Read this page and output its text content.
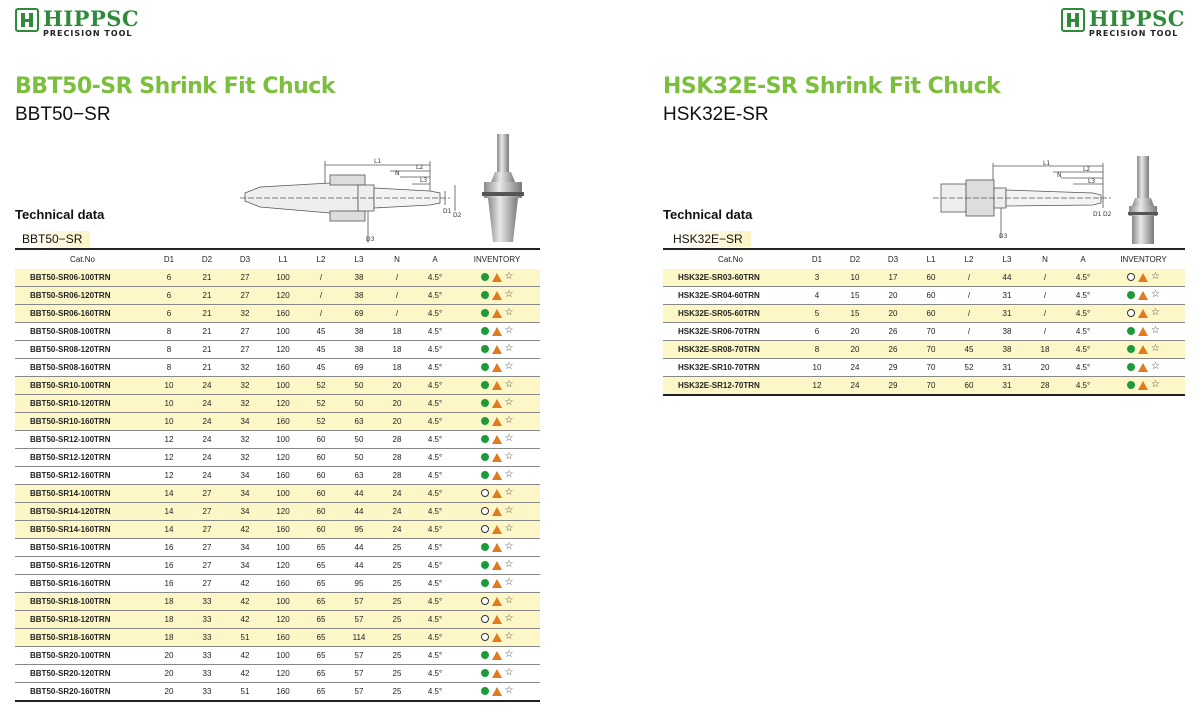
HIPPSC
PRECISION TOOL
BBT50-SR Shrink Fit Chuck
BBT50−SR
L1
L2
N
L3
D1
D2
D3
Technical data
BBT50−SR
Cat.No	D1	D2	D3	L1	L2	L3	N	A	INVENTORY
BBT50-SR06-100TRN	6	21	27	100	/	38	/	4.5°	☆

BBT50-SR06-120TRN	6	21	27	120	/	38	/	4.5°	☆

BBT50-SR06-160TRN	6	21	32	160	/	69	/	4.5°	☆

BBT50-SR08-100TRN	8	21	27	100	45	38	18	4.5°	☆

BBT50-SR08-120TRN	8	21	27	120	45	38	18	4.5°	☆

BBT50-SR08-160TRN	8	21	32	160	45	69	18	4.5°	☆

BBT50-SR10-100TRN	10	24	32	100	52	50	20	4.5°	☆

BBT50-SR10-120TRN	10	24	32	120	52	50	20	4.5°	☆

BBT50-SR10-160TRN	10	24	34	160	52	63	20	4.5°	☆

BBT50-SR12-100TRN	12	24	32	100	60	50	28	4.5°	☆

BBT50-SR12-120TRN	12	24	32	120	60	50	28	4.5°	☆

BBT50-SR12-160TRN	12	24	34	160	60	63	28	4.5°	☆

BBT50-SR14-100TRN	14	27	34	100	60	44	24	4.5°	☆

BBT50-SR14-120TRN	14	27	34	120	60	44	24	4.5°	☆

BBT50-SR14-160TRN	14	27	42	160	60	95	24	4.5°	☆

BBT50-SR16-100TRN	16	27	34	100	65	44	25	4.5°	☆

BBT50-SR16-120TRN	16	27	34	120	65	44	25	4.5°	☆

BBT50-SR16-160TRN	16	27	42	160	65	95	25	4.5°	☆

BBT50-SR18-100TRN	18	33	42	100	65	57	25	4.5°	☆

BBT50-SR18-120TRN	18	33	42	120	65	57	25	4.5°	☆

BBT50-SR18-160TRN	18	33	51	160	65	114	25	4.5°	☆

BBT50-SR20-100TRN	20	33	42	100	65	57	25	4.5°	☆

BBT50-SR20-120TRN	20	33	42	120	65	57	25	4.5°	☆

BBT50-SR20-160TRN	20	33	51	160	65	57	25	4.5°	☆
HIPPSC
PRECISION TOOL
HSK32E-SR Shrink Fit Chuck
HSK32E-SR
L1
L2
N
L3
D1 D2
D3
Technical data
HSK32E−SR
Cat.No	D1	D2	D3	L1	L2	L3	N	A	INVENTORY
HSK32E-SR03-60TRN	3	10	17	60	/	44	/	4.5°	☆

HSK32E-SR04-60TRN	4	15	20	60	/	31	/	4.5°	☆

HSK32E-SR05-60TRN	5	15	20	60	/	31	/	4.5°	☆

HSK32E-SR06-70TRN	6	20	26	70	/	38	/	4.5°	☆

HSK32E-SR08-70TRN	8	20	26	70	45	38	18	4.5°	☆

HSK32E-SR10-70TRN	10	24	29	70	52	31	20	4.5°	☆

HSK32E-SR12-70TRN	12	24	29	70	60	31	28	4.5°	☆
